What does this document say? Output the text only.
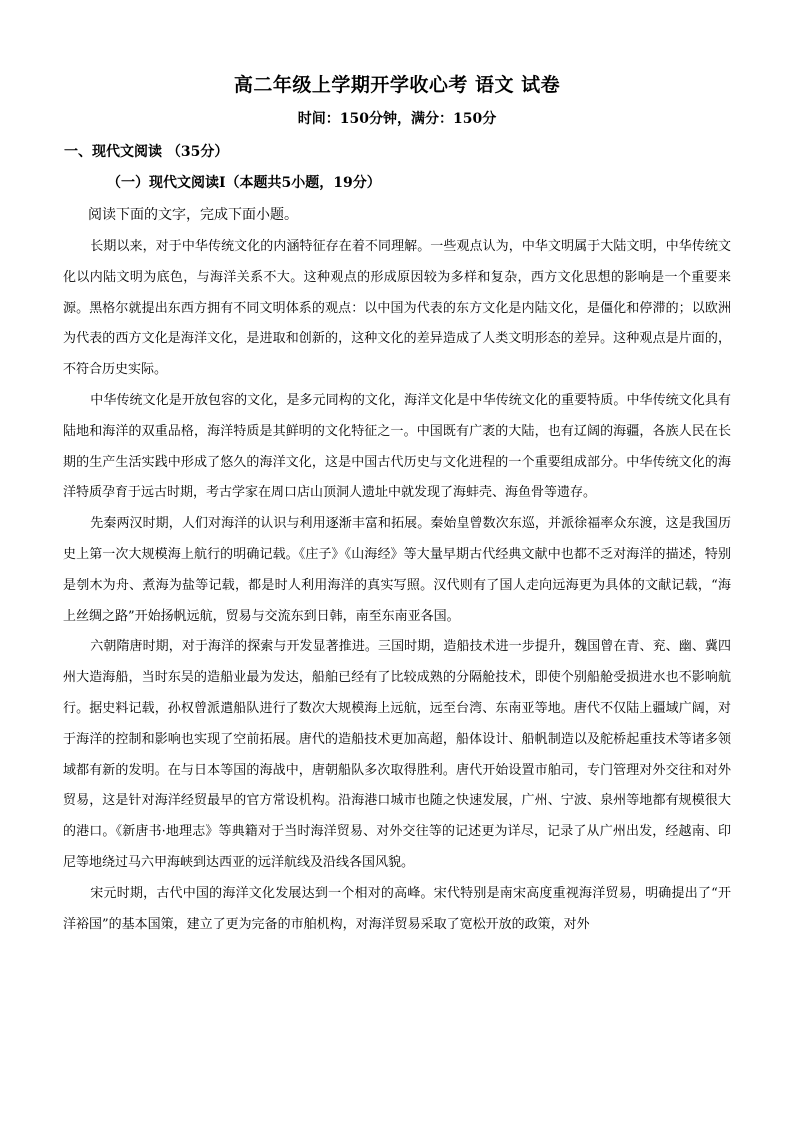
高二年级上学期开学收心考 语文 试卷
时间：150分钟，满分：150分
一、现代文阅读 （35分）
（一）现代文阅读Ⅰ（本题共5小题，19分）
阅读下面的文字，完成下面小题。

长期以来，对于中华传统文化的内涵特征存在着不同理解。一些观点认为，中华文明属于大陆文明，中华传统文化以内陆文明为底色，与海洋关系不大。这种观点的形成原因较为多样和复杂，西方文化思想的影响是一个重要来源。黑格尔就提出东西方拥有不同文明体系的观点：以中国为代表的东方文化是内陆文化，是僵化和停滞的；以欧洲为代表的西方文化是海洋文化，是进取和创新的，这种文化的差异造成了人类文明形态的差异。这种观点是片面的，不符合历史实际。

中华传统文化是开放包容的文化，是多元同构的文化，海洋文化是中华传统文化的重要特质。中华传统文化具有陆地和海洋的双重品格，海洋特质是其鲜明的文化特征之一。中国既有广袤的大陆，也有辽阔的海疆，各族人民在长期的生产生活实践中形成了悠久的海洋文化，这是中国古代历史与文化进程的一个重要组成部分。中华传统文化的海洋特质孕育于远古时期，考古学家在周口店山顶洞人遗址中就发现了海蚌壳、海鱼骨等遗存。

先秦两汉时期，人们对海洋的认识与利用逐渐丰富和拓展。秦始皇曾数次东巡，并派徐福率众东渡，这是我国历史上第一次大规模海上航行的明确记载。《庄子》《山海经》等大量早期古代经典文献中也都不乏对海洋的描述，特别是刳木为舟、煮海为盐等记载，都是时人利用海洋的真实写照。汉代则有了国人走向远海更为具体的文献记载，“海上丝绸之路”开始扬帆远航，贸易与交流东到日韩，南至东南亚各国。

六朝隋唐时期，对于海洋的探索与开发显著推进。三国时期，造船技术进一步提升，魏国曾在青、兖、幽、冀四州大造海船，当时东吴的造船业最为发达，船舶已经有了比较成熟的分隔舱技术，即使个别船舱受损进水也不影响航行。据史料记载，孙权曾派遣船队进行了数次大规模海上远航，远至台湾、东南亚等地。唐代不仅陆上疆域广阔，对于海洋的控制和影响也实现了空前拓展。唐代的造船技术更加高超，船体设计、船帆制造以及舵桥起重技术等诸多领域都有新的发明。在与日本等国的海战中，唐朝船队多次取得胜利。唐代开始设置市舶司，专门管理对外交往和对外贸易，这是针对海洋经贸最早的官方常设机构。沿海港口城市也随之快速发展，广州、宁波、泉州等地都有规模很大的港口。《新唐书·地理志》等典籍对于当时海洋贸易、对外交往等的记述更为详尽，记录了从广州出发，经越南、印尼等地绕过马六甲海峡到达西亚的远洋航线及沿线各国风貌。

宋元时期，古代中国的海洋文化发展达到一个相对的高峰。宋代特别是南宋高度重视海洋贸易，明确提出了“开洋裕国”的基本国策，建立了更为完备的市舶机构，对海洋贸易采取了宽松开放的政策，对外
